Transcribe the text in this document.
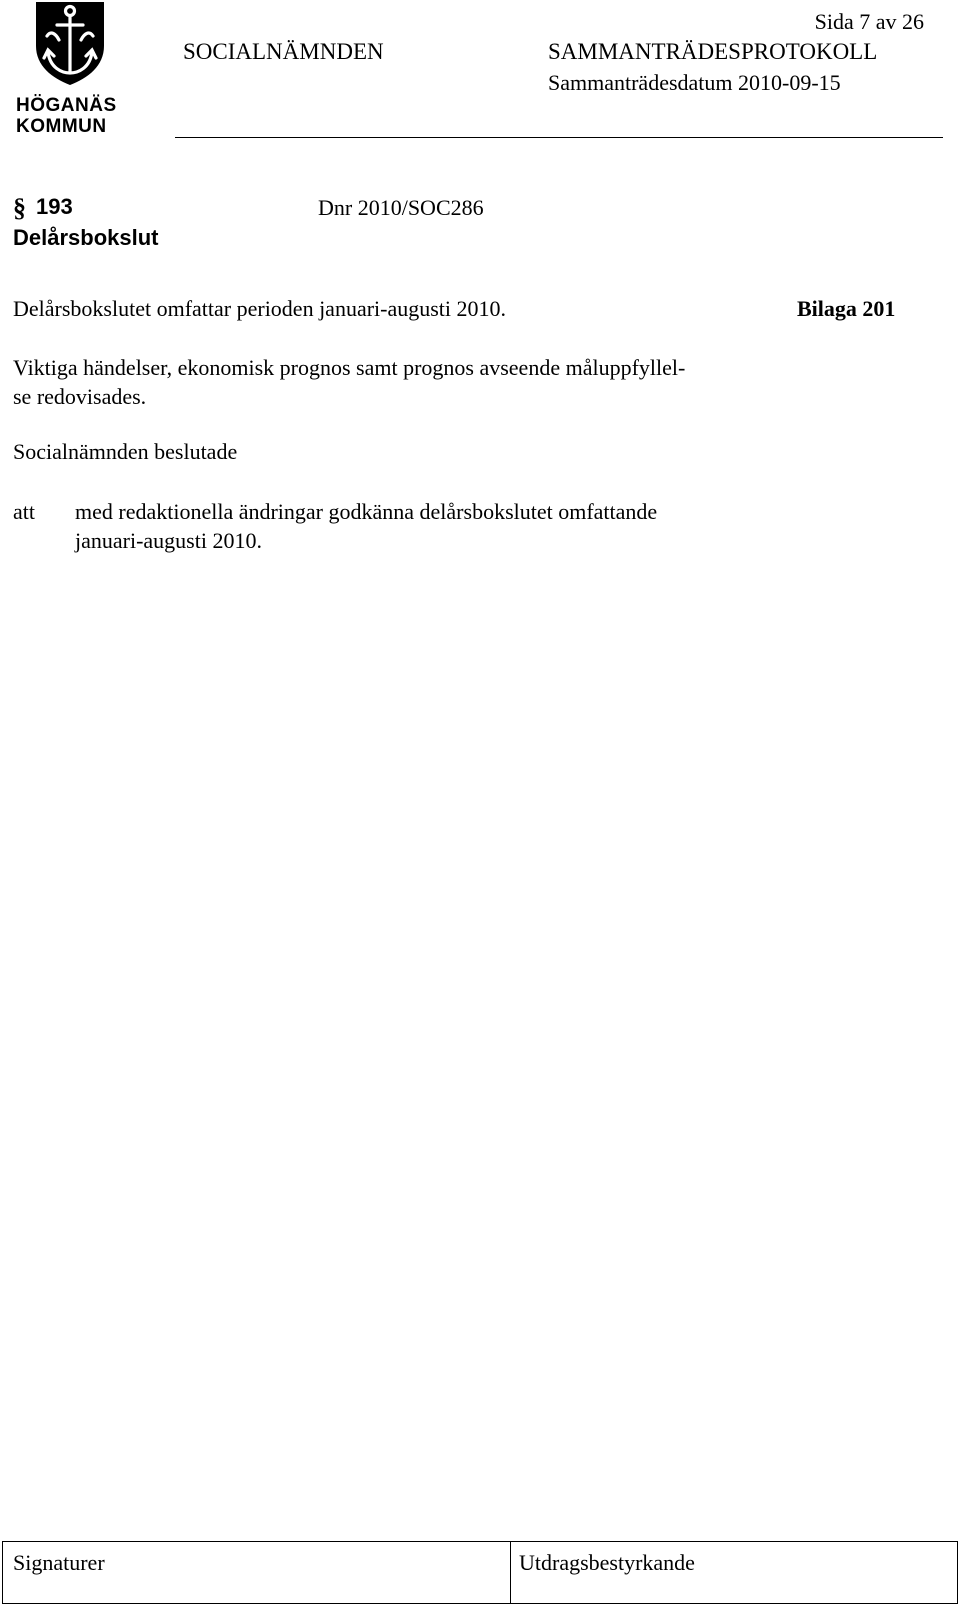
HÖGANÄS
KOMMUN
Sida 7 av 26
SOCIALNÄMNDEN	SAMMANTRÄDESPROTOKOLL
Sammanträdesdatum 2010-09-15
§ 193
Delårsbokslut
Dnr 2010/SOC286
Delårsbokslutet omfattar perioden januari-augusti 2010.	Bilaga 201
Viktiga händelser, ekonomisk prognos samt prognos avseende måluppfyllel-
se redovisades.
Socialnämnden beslutade
att med redaktionella ändringar godkänna delårsbokslutet omfattande
januari-augusti 2010.
Signaturer	Utdragsbestyrkande
